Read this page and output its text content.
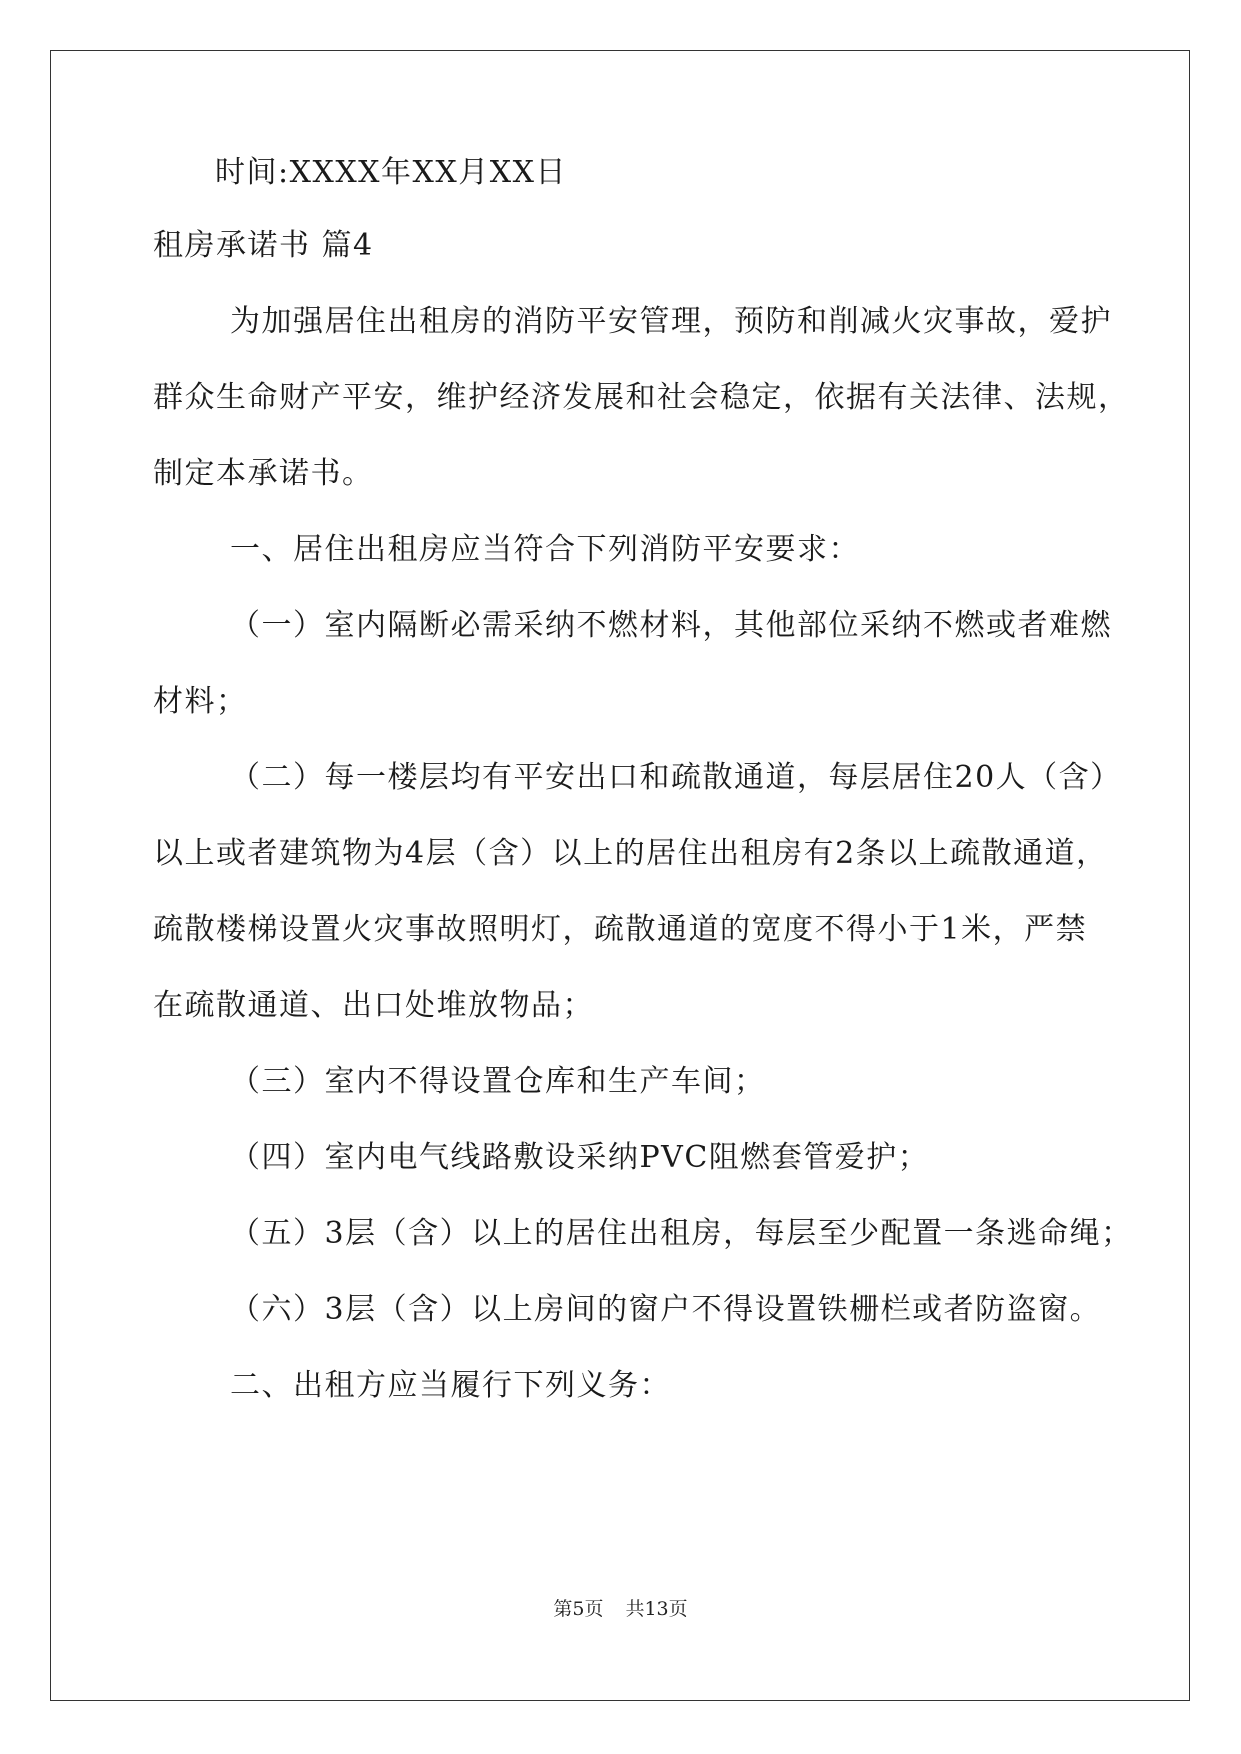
时间:XXXX年XX月XX日
租房承诺书 篇4
为加强居住出租房的消防平安管理，预防和削减火灾事故，爱护
群众生命财产平安，维护经济发展和社会稳定，依据有关法律、法规，
制定本承诺书。
一、居住出租房应当符合下列消防平安要求：
（一）室内隔断必需采纳不燃材料，其他部位采纳不燃或者难燃
材料；
（二）每一楼层均有平安出口和疏散通道，每层居住20人（含）
以上或者建筑物为4层（含）以上的居住出租房有2条以上疏散通道，
疏散楼梯设置火灾事故照明灯，疏散通道的宽度不得小于1米，严禁
在疏散通道、出口处堆放物品；
（三）室内不得设置仓库和生产车间；
（四）室内电气线路敷设采纳PVC阻燃套管爱护；
（五）3层（含）以上的居住出租房，每层至少配置一条逃命绳；
（六）3层（含）以上房间的窗户不得设置铁栅栏或者防盗窗。
二、出租方应当履行下列义务：
第5页 共13页
